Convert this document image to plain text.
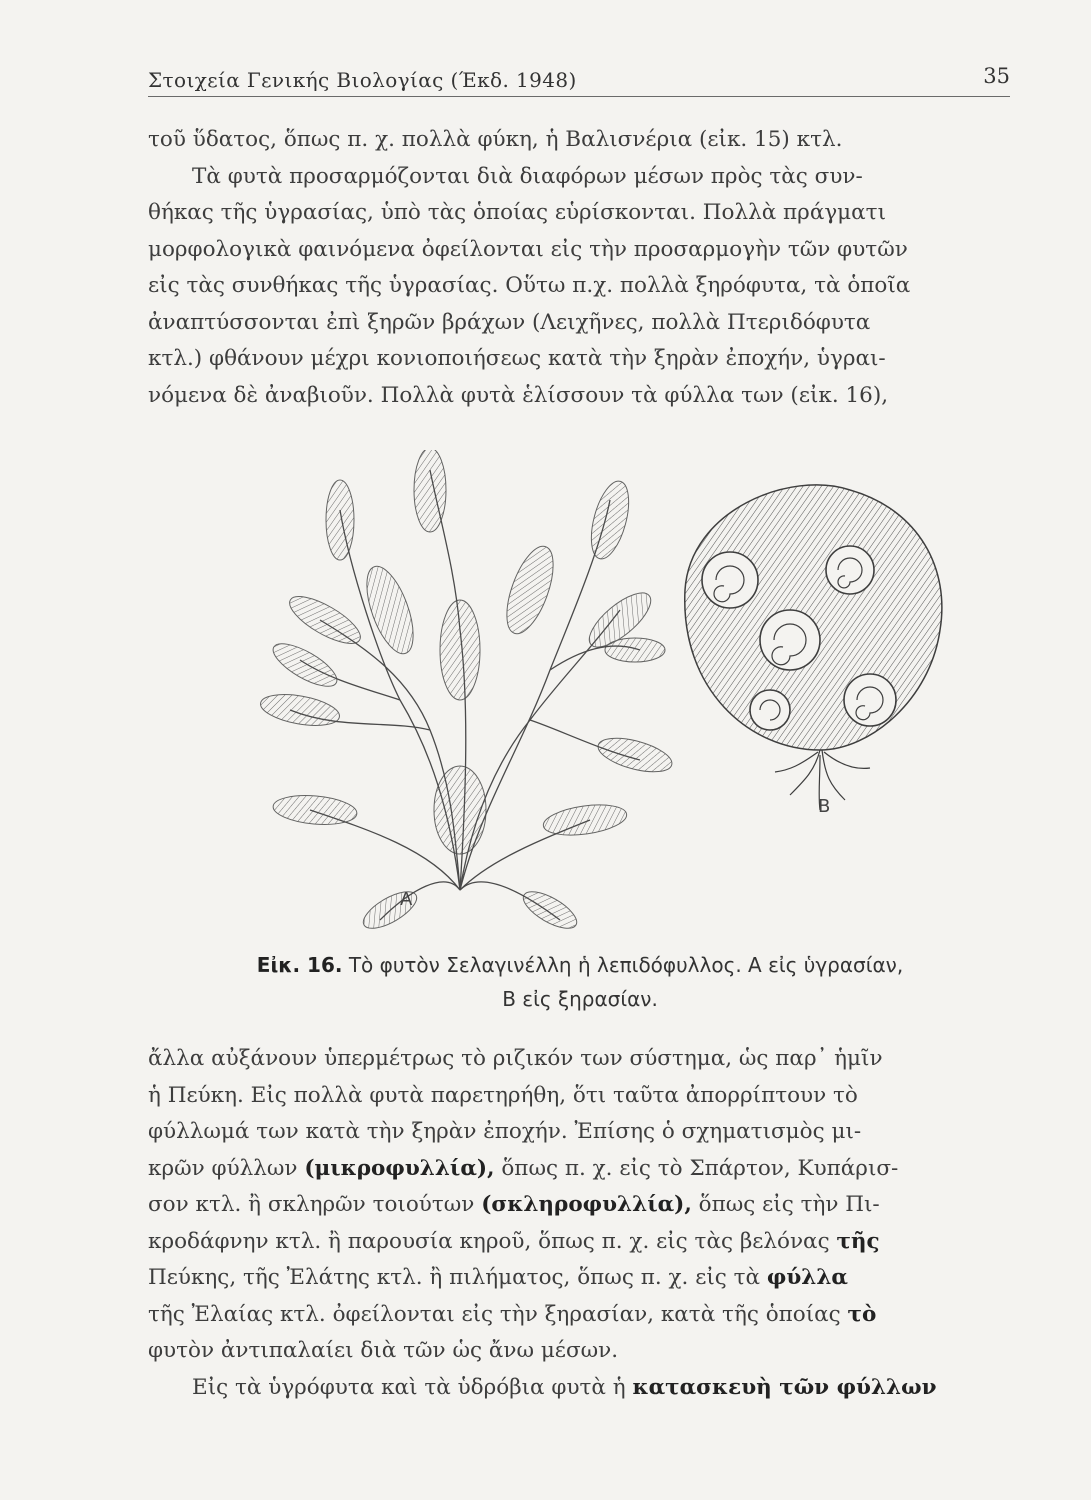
Στοιχεία Γενικής Βιολογίας (Έκδ. 1948)	35
τοῦ ὕδατος, ὅπως π. χ. πολλὰ φύκη, ἡ Βαλισνέρια (εἰκ. 15) κτλ.
Τὰ φυτὰ προσαρμόζονται διὰ διαφόρων μέσων πρὸς τὰς συν-
θήκας τῆς ὑγρασίας, ὑπὸ τὰς ὁποίας εὑρίσκονται. Πολλὰ πράγματι
μορφολογικὰ φαινόμενα ὀφείλονται εἰς τὴν προσαρμογὴν τῶν φυτῶν
εἰς τὰς συνθήκας τῆς ὑγρασίας. Οὕτω π.χ. πολλὰ ξηρόφυτα, τὰ ὁποῖα
ἀναπτύσσονται ἐπὶ ξηρῶν βράχων (Λειχῆνες, πολλὰ Πτεριδόφυτα
κτλ.) φθάνουν μέχρι κονιοποιήσεως κατὰ τὴν ξηρὰν ἐποχήν, ὑγραι-
νόμενα δὲ ἀναβιοῦν. Πολλὰ φυτὰ ἑλίσσουν τὰ φύλλα των (εἰκ. 16),
A
B
Εἰκ. 16. Τὸ φυτὸν Σελαγινέλλη ἡ λεπιδόφυλλος. Α εἰς ὑγρασίαν,
Β εἰς ξηρασίαν.
ἄλλα αὐξάνουν ὑπερμέτρως τὸ ριζικόν των σύστημα, ὡς παρ᾽ ἡμῖν
ἡ Πεύκη. Εἰς πολλὰ φυτὰ παρετηρήθη, ὅτι ταῦτα ἀπορρίπτουν τὸ
φύλλωμά των κατὰ τὴν ξηρὰν ἐποχήν. Ἐπίσης ὁ σχηματισμὸς μι-
κρῶν φύλλων (μικροφυλλία), ὅπως π. χ. εἰς τὸ Σπάρτον, Κυπάρισ-
σον κτλ. ἢ σκληρῶν τοιούτων (σκληροφυλλία), ὅπως εἰς τὴν Πι-
κροδάφνην κτλ. ἢ παρουσία κηροῦ, ὅπως π. χ. εἰς τὰς βελόνας τῆς
Πεύκης, τῆς Ἐλάτης κτλ. ἢ πιλήματος, ὅπως π. χ. εἰς τὰ φύλλα
τῆς Ἐλαίας κτλ. ὀφείλονται εἰς τὴν ξηρασίαν, κατὰ τῆς ὁποίας τὸ
φυτὸν ἀντιπαλαίει διὰ τῶν ὡς ἄνω μέσων.
Εἰς τὰ ὑγρόφυτα καὶ τὰ ὑδρόβια φυτὰ ἡ κατασκευὴ τῶν φύλλων
